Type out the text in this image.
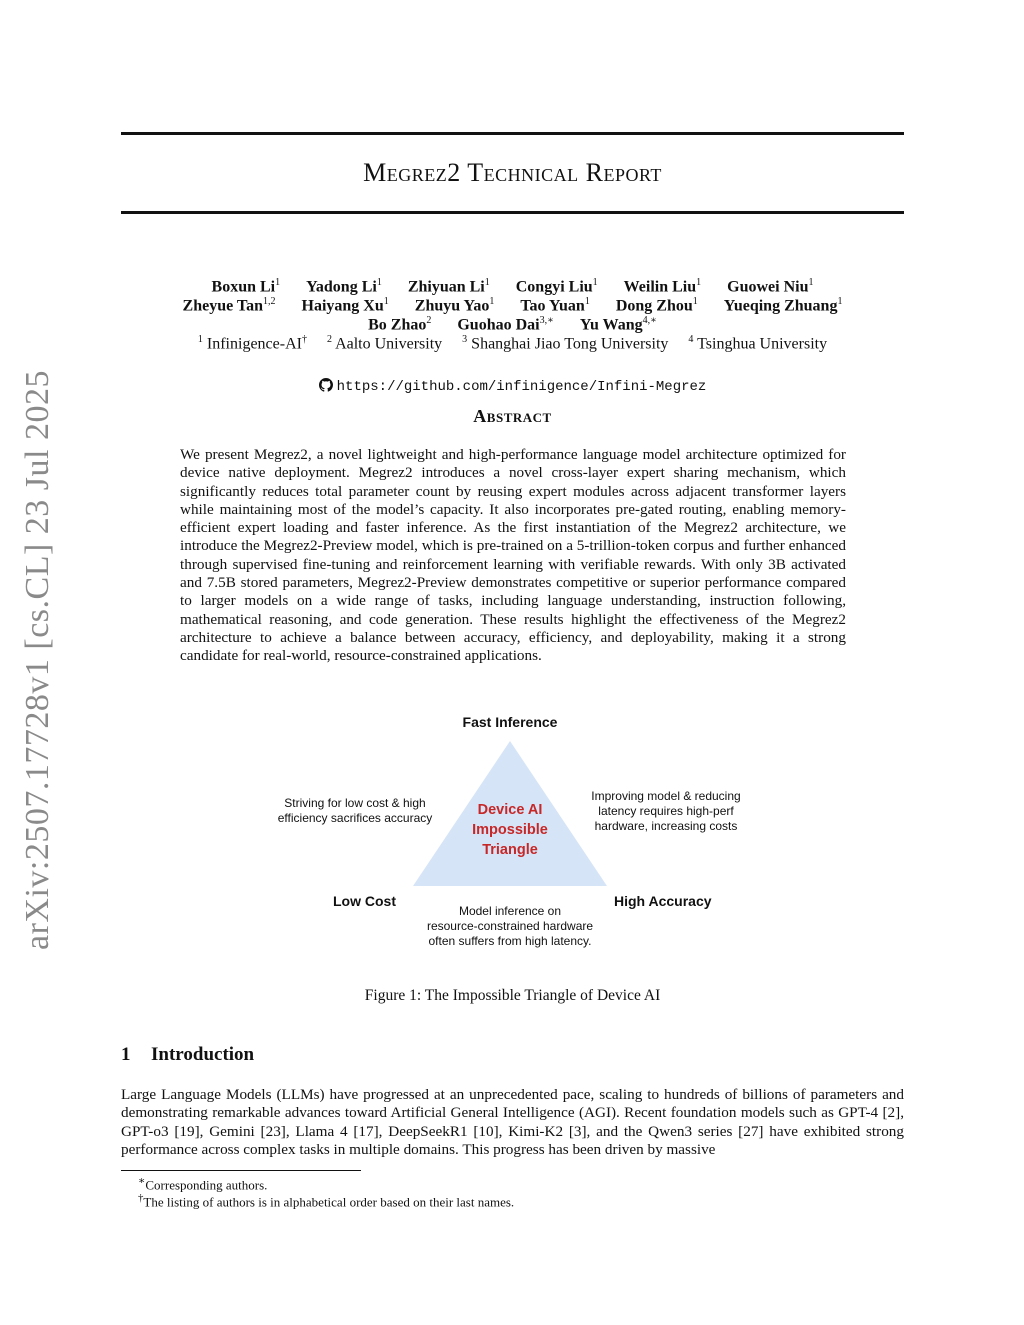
arXiv:2507.17728v1 [cs.CL] 23 Jul 2025
Megrez2 Technical Report
Boxun Li$^1$ Yadong Li$^1$ Zhiyuan Li$^1$ Congyi Liu$^1$ Weilin Liu$^1$ Guowei Niu$^1$
Zheyue Tan$^{1,2}$ Haiyang Xu$^1$ Zhuyu Yao$^1$ Tao Yuan$^1$ Dong Zhou$^1$ Yueqing Zhuang$^1$
Bo Zhao$^2$ Guohao Dai$^{3,∗}$ Yu Wang$^{4,∗}$
$^1$ Infinigence-AI† $^2$ Aalto University $^3$ Shanghai Jiao Tong University $^4$ Tsinghua University
https://github.com/infinigence/Infini-Megrez
Abstract
We present Megrez2, a novel lightweight and high-performance language model architecture optimized for device native deployment. Megrez2 introduces a novel cross-layer expert sharing mechanism, which significantly reduces total parameter count by reusing expert modules across adjacent transformer layers while maintaining most of the model’s capacity. It also incorporates pre-gated routing, enabling memory-efficient expert loading and faster inference. As the first instantiation of the Megrez2 architecture, we introduce the Megrez2-Preview model, which is pre-trained on a 5-trillion-token corpus and further enhanced through supervised fine-tuning and reinforcement learning with verifiable rewards. With only 3B activated and 7.5B stored parameters, Megrez2-Preview demonstrates competitive or superior performance compared to larger models on a wide range of tasks, including language understanding, instruction following, mathematical reasoning, and code generation. These results highlight the effectiveness of the Megrez2 architecture to achieve a balance between accuracy, efficiency, and deployability, making it a strong candidate for real-world, resource-constrained applications.
Fast Inference
Low Cost	High Accuracy
Device AI
Impossible
Triangle
Striving for low cost & high
efficiency sacrifices accuracy
Improving model & reducing
latency requires high-perf
hardware, increasing costs
Model inference on
resource-constrained hardware
often suffers from high latency.
Figure 1: The Impossible Triangle of Device AI
1 Introduction
Large Language Models (LLMs) have progressed at an unprecedented pace, scaling to hundreds of billions of parameters and demonstrating remarkable advances toward Artificial General Intelligence (AGI). Recent foundation models such as GPT-4 [2], GPT-o3 [19], Gemini [23], Llama 4 [17], DeepSeekR1 [10], Kimi-K2 [3], and the Qwen3 series [27] have exhibited strong performance across complex tasks in multiple domains. This progress has been driven by massive
∗Corresponding authors.
†The listing of authors is in alphabetical order based on their last names.
